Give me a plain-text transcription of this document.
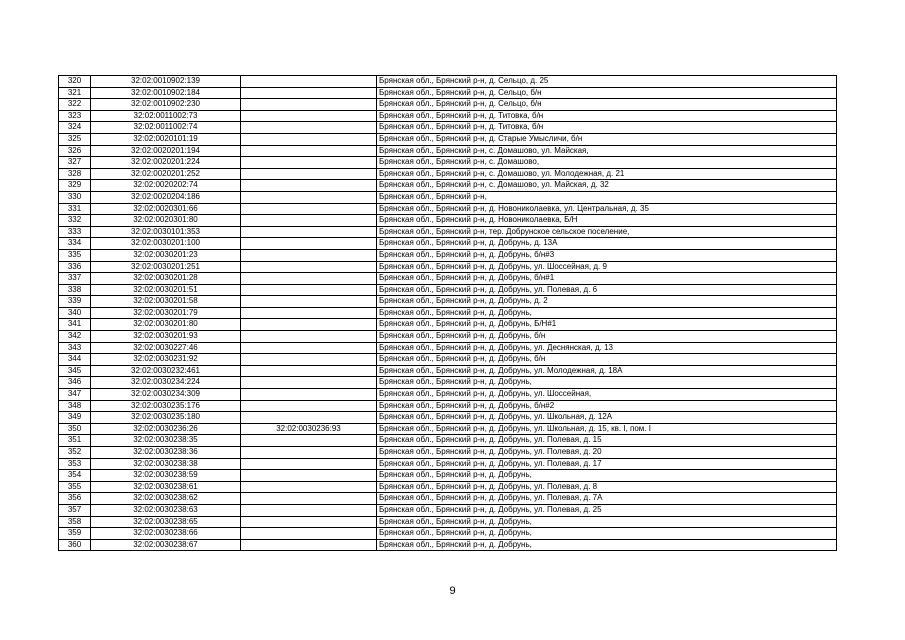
320	32:02:0010902:139		Брянская обл., Брянский р-н, д. Сельцо, д. 25
321	32:02:0010902:184		Брянская обл., Брянский р-н, д. Сельцо, б/н
322	32:02:0010902:230		Брянская обл., Брянский р-н, д. Сельцо, б/н
323	32:02:0011002:73		Брянская обл., Брянский р-н, д. Титовка, б/н
324	32:02:0011002:74		Брянская обл., Брянский р-н, д. Титовка, б/н
325	32:02:0020101:19		Брянская обл., Брянский р-н, д. Старые Умысличи, б/н
326	32:02:0020201:194		Брянская обл., Брянский р-н, с. Домашово, ул. Майская,
327	32:02:0020201:224		Брянская обл., Брянский р-н, с. Домашово,
328	32:02:0020201:252		Брянская обл., Брянский р-н, с. Домашово, ул. Молодежная, д. 21
329	32:02:0020202:74		Брянская обл., Брянский р-н, с. Домашово, ул. Майская, д. 32
330	32:02:0020204:186		Брянская обл., Брянский р-н,
331	32:02:0020301:66		Брянская обл., Брянский р-н, д. Новониколаевка, ул. Центральная, д. 35
332	32:02:0020301:80		Брянская обл., Брянский р-н, д. Новониколаевка, Б/Н
333	32:02:0030101:353		Брянская обл., Брянский р-н, тер. Добрунское сельское поселение,
334	32:02:0030201:100		Брянская обл., Брянский р-н, д. Добрунь, д. 13А
335	32:02:0030201:23		Брянская обл., Брянский р-н, д. Добрунь, б/н#3
336	32:02:0030201:251		Брянская обл., Брянский р-н, д. Добрунь, ул. Шоссейная, д. 9
337	32:02:0030201:28		Брянская обл., Брянский р-н, д. Добрунь, б/н#1
338	32:02:0030201:51		Брянская обл., Брянский р-н, д. Добрунь, ул. Полевая, д. 6
339	32:02:0030201:58		Брянская обл., Брянский р-н, д. Добрунь, д. 2
340	32:02:0030201:79		Брянская обл., Брянский р-н, д. Добрунь,
341	32:02:0030201:80		Брянская обл., Брянский р-н, д. Добрунь, Б/Н#1
342	32:02:0030201:93		Брянская обл., Брянский р-н, д. Добрунь, б/н
343	32:02:0030227:46		Брянская обл., Брянский р-н, д. Добрунь, ул. Деснянская, д. 13
344	32:02:0030231:92		Брянская обл., Брянский р-н, д. Добрунь, б/н
345	32:02:0030232:461		Брянская обл., Брянский р-н, д. Добрунь, ул. Молодежная, д. 18А
346	32:02:0030234:224		Брянская обл., Брянский р-н, д. Добрунь,
347	32:02:0030234:309		Брянская обл., Брянский р-н, д. Добрунь, ул. Шоссейная,
348	32:02:0030235:176		Брянская обл., Брянский р-н, д. Добрунь, б/н#2
349	32:02:0030235:180		Брянская обл., Брянский р-н, д. Добрунь, ул. Школьная, д. 12А
350	32:02:0030236:26	32:02:0030236:93	Брянская обл., Брянский р-н, д. Добрунь, ул. Школьная, д. 15, кв. I, пом. I
351	32:02:0030238:35		Брянская обл., Брянский р-н, д. Добрунь, ул. Полевая, д. 15
352	32:02:0030238:36		Брянская обл., Брянский р-н, д. Добрунь, ул. Полевая, д. 20
353	32:02:0030238:38		Брянская обл., Брянский р-н, д. Добрунь, ул. Полевая, д. 17
354	32:02:0030238:59		Брянская обл., Брянский р-н, д. Добрунь,
355	32:02:0030238:61		Брянская обл., Брянский р-н, д. Добрунь, ул. Полевая, д. 8
356	32:02:0030238:62		Брянская обл., Брянский р-н, д. Добрунь, ул. Полевая, д. 7А
357	32:02:0030238:63		Брянская обл., Брянский р-н, д. Добрунь, ул. Полевая, д. 25
358	32:02:0030238:65		Брянская обл., Брянский р-н, д. Добрунь,
359	32:02:0030238:66		Брянская обл., Брянский р-н, д. Добрунь,
360	32:02:0030238:67		Брянская обл., Брянский р-н, д. Добрунь,
9
